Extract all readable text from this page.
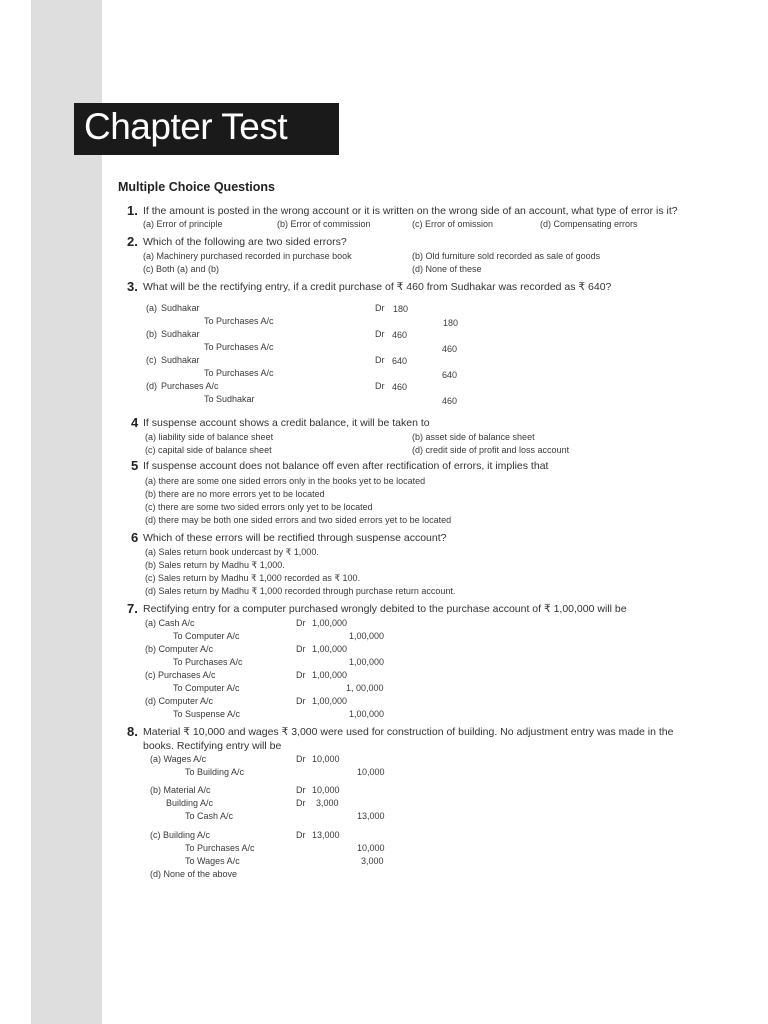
Chapter Test
Multiple Choice Questions
1. If the amount is posted in the wrong account or it is written on the wrong side of an account, what type of error is it?
(a) Error of principle	(b) Error of commission	(c) Error of omission	(d) Compensating errors
2. Which of the following are two sided errors?
(a) Machinery purchased recorded in purchase book	(b) Old furniture sold recorded as sale of goods
(c) Both (a) and (b)	(d) None of these
3. What will be the rectifying entry, if a credit purchase of ₹ 460 from Sudhakar was recorded as ₹ 640?
(a) Sudhakar	Dr 180
To Purchases A/c	180
(b) Sudhakar	Dr 460
To Purchases A/c	460
(c) Sudhakar	Dr 640
To Purchases A/c	640
(d) Purchases A/c	Dr 460
To Sudhakar	460
4 If suspense account shows a credit balance, it will be taken to
(a) liability side of balance sheet	(b) asset side of balance sheet
(c) capital side of balance sheet	(d) credit side of profit and loss account
5 If suspense account does not balance off even after rectification of errors, it implies that
(a) there are some one sided errors only in the books yet to be located
(b) there are no more errors yet to be located
(c) there are some two sided errors only yet to be located
(d) there may be both one sided errors and two sided errors yet to be located
6 Which of these errors will be rectified through suspense account?
(a) Sales return book undercast by ₹ 1,000.
(b) Sales return by Madhu ₹ 1,000.
(c) Sales return by Madhu ₹ 1,000 recorded as ₹ 100.
(d) Sales return by Madhu ₹ 1,000 recorded through purchase return account.
7. Rectifying entry for a computer purchased wrongly debited to the purchase account of ₹ 1,00,000 will be
(a) Cash A/c	Dr 1,00,000
To Computer A/c	1,00,000
(b) Computer A/c	Dr 1,00,000
To Purchases A/c	1,00,000
(c) Purchases A/c	Dr 1,00,000
To Computer A/c	1, 00,000
(d) Computer A/c	Dr 1,00,000
To Suspense A/c	1,00,000
8. Material ₹ 10,000 and wages ₹ 3,000 were used for construction of building. No adjustment entry was made in the
books. Rectifying entry will be
(a) Wages A/c	Dr 10,000
To Building A/c	10,000
(b) Material A/c	Dr 10,000
Building A/c	Dr 3,000
To Cash A/c	13,000
(c) Building A/c	Dr 13,000
To Purchases A/c	10,000
To Wages A/c	3,000
(d) None of the above
